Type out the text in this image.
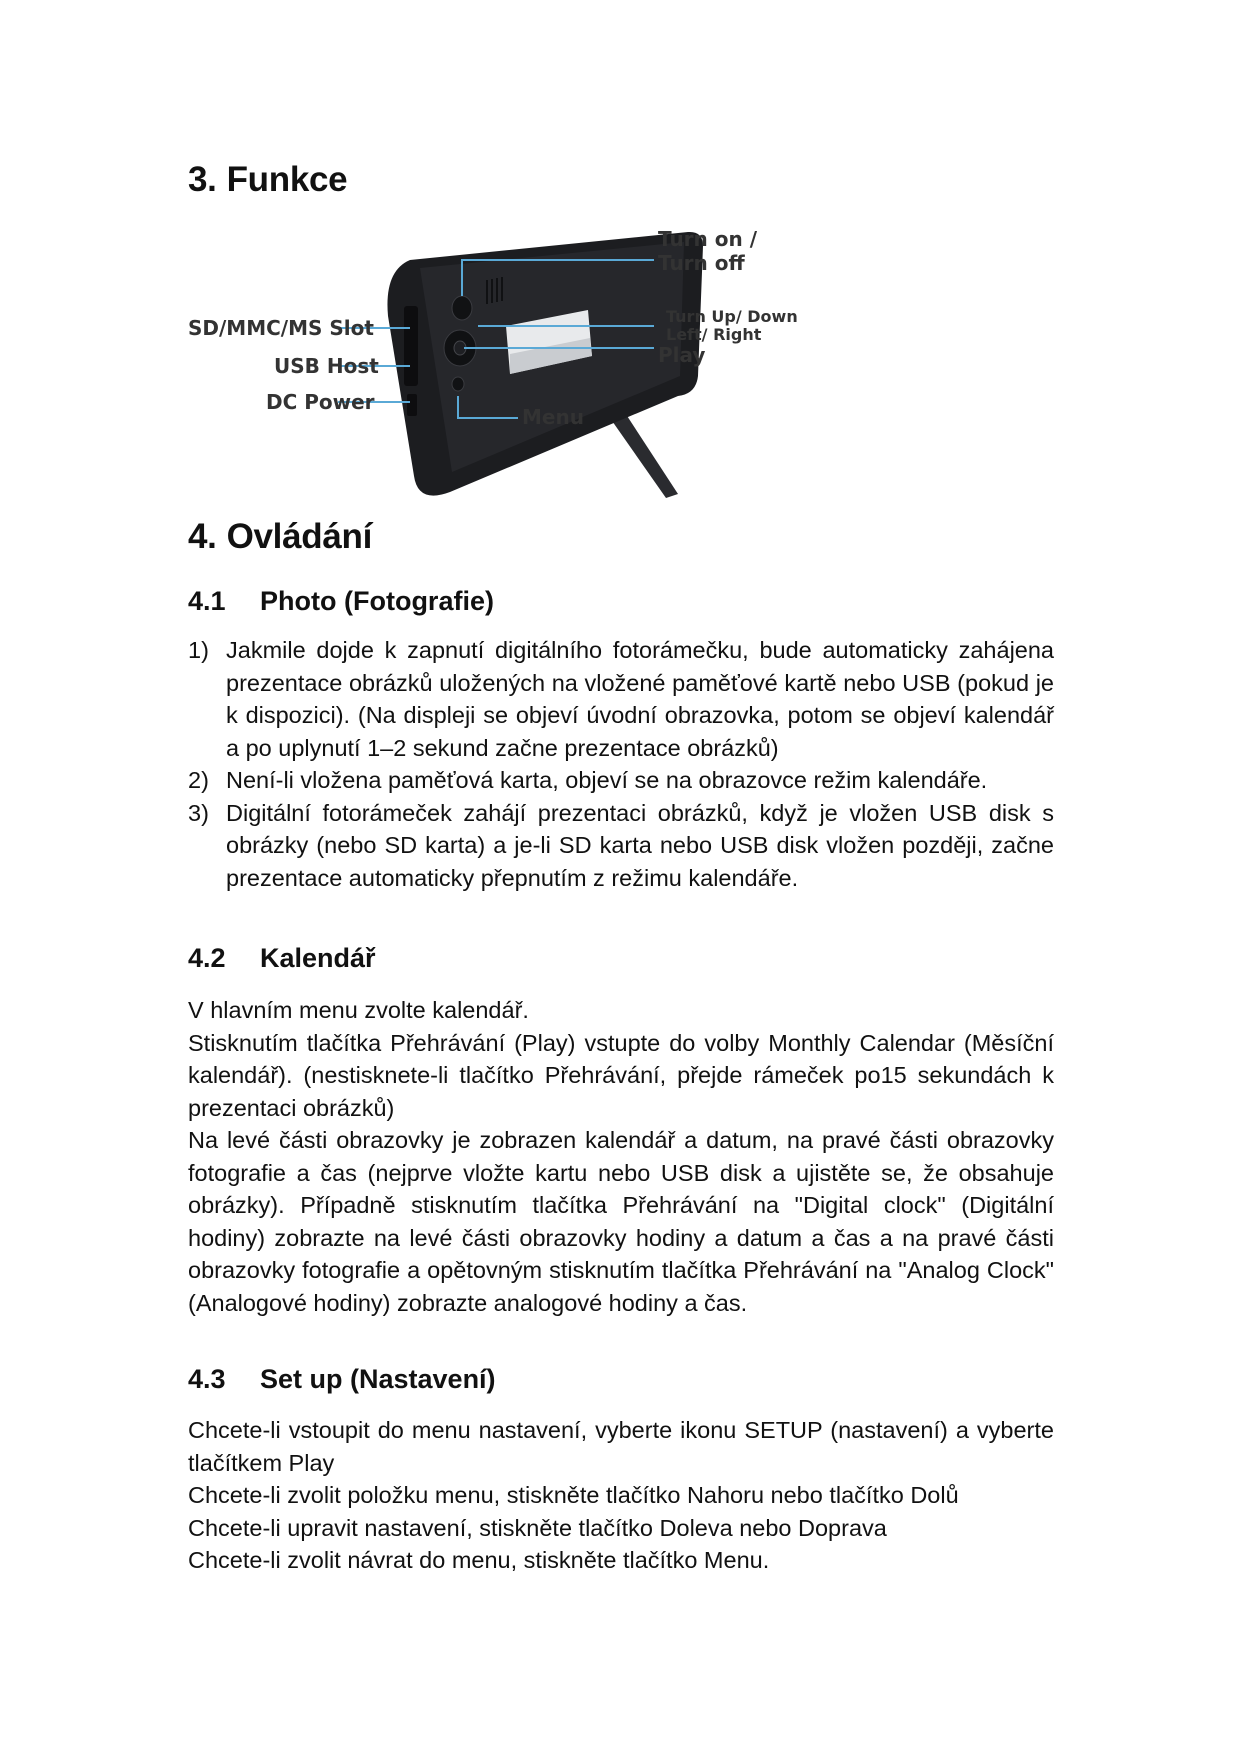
3. Funkce
Turn on /
Turn off
Turn Up/ Down
Left/ Right
Play
Menu
SD/MMC/MS Slot
USB Host
DC Power
4. Ovládání
4.1 Photo (Fotografie)
1) Jakmile dojde k zapnutí digitálního fotorámečku, bude automaticky zahájena prezentace obrázků uložených na vložené paměťové kartě nebo USB (pokud je k dispozici). (Na displeji se objeví úvodní obrazovka, potom se objeví kalendář a po uplynutí 1–2 sekund začne prezentace obrázků)
2) Není-li vložena paměťová karta, objeví se na obrazovce režim kalendáře.
3) Digitální fotorámeček zahájí prezentaci obrázků, když je vložen USB disk s obrázky (nebo SD karta) a je-li SD karta nebo USB disk vložen později, začne prezentace automaticky přepnutím z režimu kalendáře.
4.2 Kalendář

V hlavním menu zvolte kalendář.

Stisknutím tlačítka Přehrávání (Play) vstupte do volby Monthly Calendar (Měsíční kalendář). (nestisknete-li tlačítko Přehrávání, přejde rámeček po15 sekundách k prezentaci obrázků)

Na levé části obrazovky je zobrazen kalendář a datum, na pravé části obrazovky fotografie a čas (nejprve vložte kartu nebo USB disk a ujistěte se, že obsahuje obrázky). Případně stisknutím tlačítka Přehrávání na "Digital clock" (Digitální hodiny) zobrazte na levé části obrazovky hodiny a datum a čas a na pravé části obrazovky fotografie a opětovným stisknutím tlačítka Přehrávání na "Analog Clock" (Analogové hodiny) zobrazte analogové hodiny a čas.

4.3 Set up (Nastavení)

Chcete-li vstoupit do menu nastavení, vyberte ikonu SETUP (nastavení) a vyberte tlačítkem Play

Chcete-li zvolit položku menu, stiskněte tlačítko Nahoru nebo tlačítko Dolů

Chcete-li upravit nastavení, stiskněte tlačítko Doleva nebo Doprava

Chcete-li zvolit návrat do menu, stiskněte tlačítko Menu.
